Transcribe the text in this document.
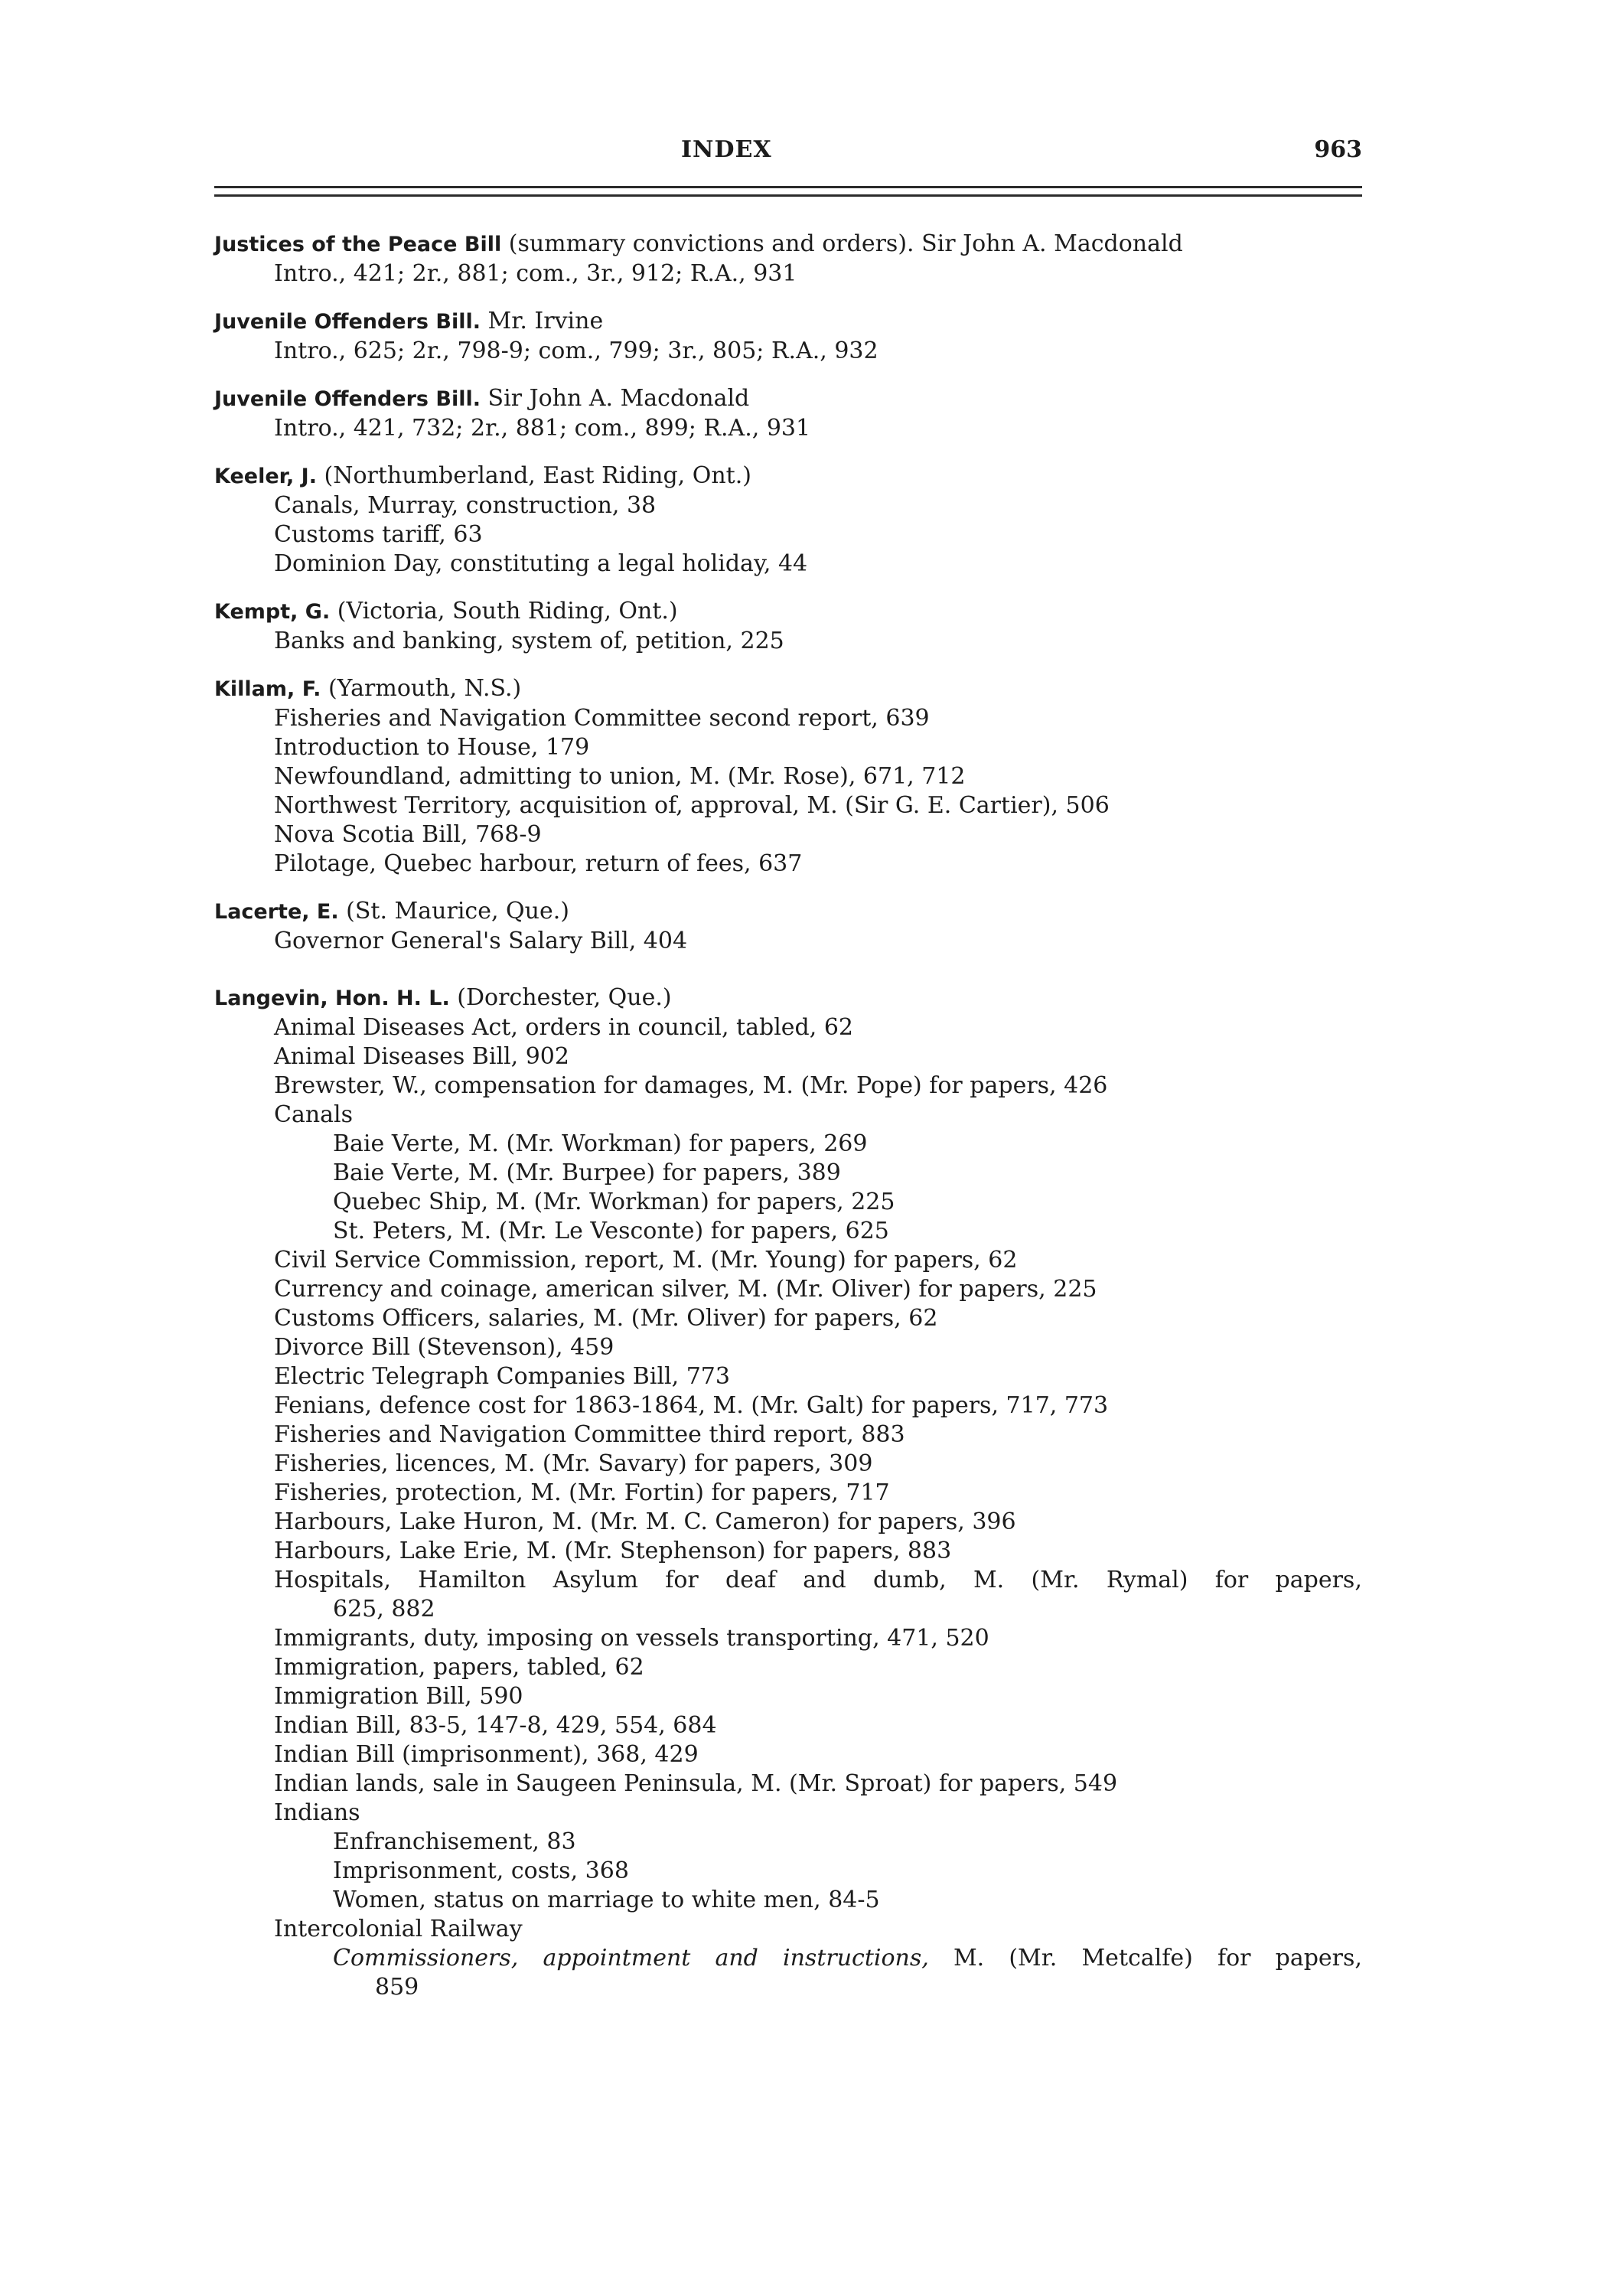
INDEX	963
Justices of the Peace Bill (summary convictions and orders). Sir John A. Macdonald
Intro., 421; 2r., 881; com., 3r., 912; R.A., 931
Juvenile Offenders Bill. Mr. Irvine
Intro., 625; 2r., 798-9; com., 799; 3r., 805; R.A., 932
Juvenile Offenders Bill. Sir John A. Macdonald
Intro., 421, 732; 2r., 881; com., 899; R.A., 931
Keeler, J. (Northumberland, East Riding, Ont.)
Canals, Murray, construction, 38
Customs tariff, 63
Dominion Day, constituting a legal holiday, 44
Kempt, G. (Victoria, South Riding, Ont.)
Banks and banking, system of, petition, 225
Killam, F. (Yarmouth, N.S.)
Fisheries and Navigation Committee second report, 639
Introduction to House, 179
Newfoundland, admitting to union, M. (Mr. Rose), 671, 712
Northwest Territory, acquisition of, approval, M. (Sir G. E. Cartier), 506
Nova Scotia Bill, 768-9
Pilotage, Quebec harbour, return of fees, 637
Lacerte, E. (St. Maurice, Que.)
Governor General's Salary Bill, 404
Langevin, Hon. H. L. (Dorchester, Que.)
Animal Diseases Act, orders in council, tabled, 62
Animal Diseases Bill, 902
Brewster, W., compensation for damages, M. (Mr. Pope) for papers, 426
Canals
Baie Verte, M. (Mr. Workman) for papers, 269
Baie Verte, M. (Mr. Burpee) for papers, 389
Quebec Ship, M. (Mr. Workman) for papers, 225
St. Peters, M. (Mr. Le Vesconte) for papers, 625
Civil Service Commission, report, M. (Mr. Young) for papers, 62
Currency and coinage, american silver, M. (Mr. Oliver) for papers, 225
Customs Officers, salaries, M. (Mr. Oliver) for papers, 62
Divorce Bill (Stevenson), 459
Electric Telegraph Companies Bill, 773
Fenians, defence cost for 1863-1864, M. (Mr. Galt) for papers, 717, 773
Fisheries and Navigation Committee third report, 883
Fisheries, licences, M. (Mr. Savary) for papers, 309
Fisheries, protection, M. (Mr. Fortin) for papers, 717
Harbours, Lake Huron, M. (Mr. M. C. Cameron) for papers, 396
Harbours, Lake Erie, M. (Mr. Stephenson) for papers, 883
Hospitals, Hamilton Asylum for deaf and dumb, M. (Mr. Rymal) for papers,
625, 882
Immigrants, duty, imposing on vessels transporting, 471, 520
Immigration, papers, tabled, 62
Immigration Bill, 590
Indian Bill, 83-5, 147-8, 429, 554, 684
Indian Bill (imprisonment), 368, 429
Indian lands, sale in Saugeen Peninsula, M. (Mr. Sproat) for papers, 549
Indians
Enfranchisement, 83
Imprisonment, costs, 368
Women, status on marriage to white men, 84-5
Intercolonial Railway
Commissioners, appointment and instructions, M. (Mr. Metcalfe) for papers,
859
